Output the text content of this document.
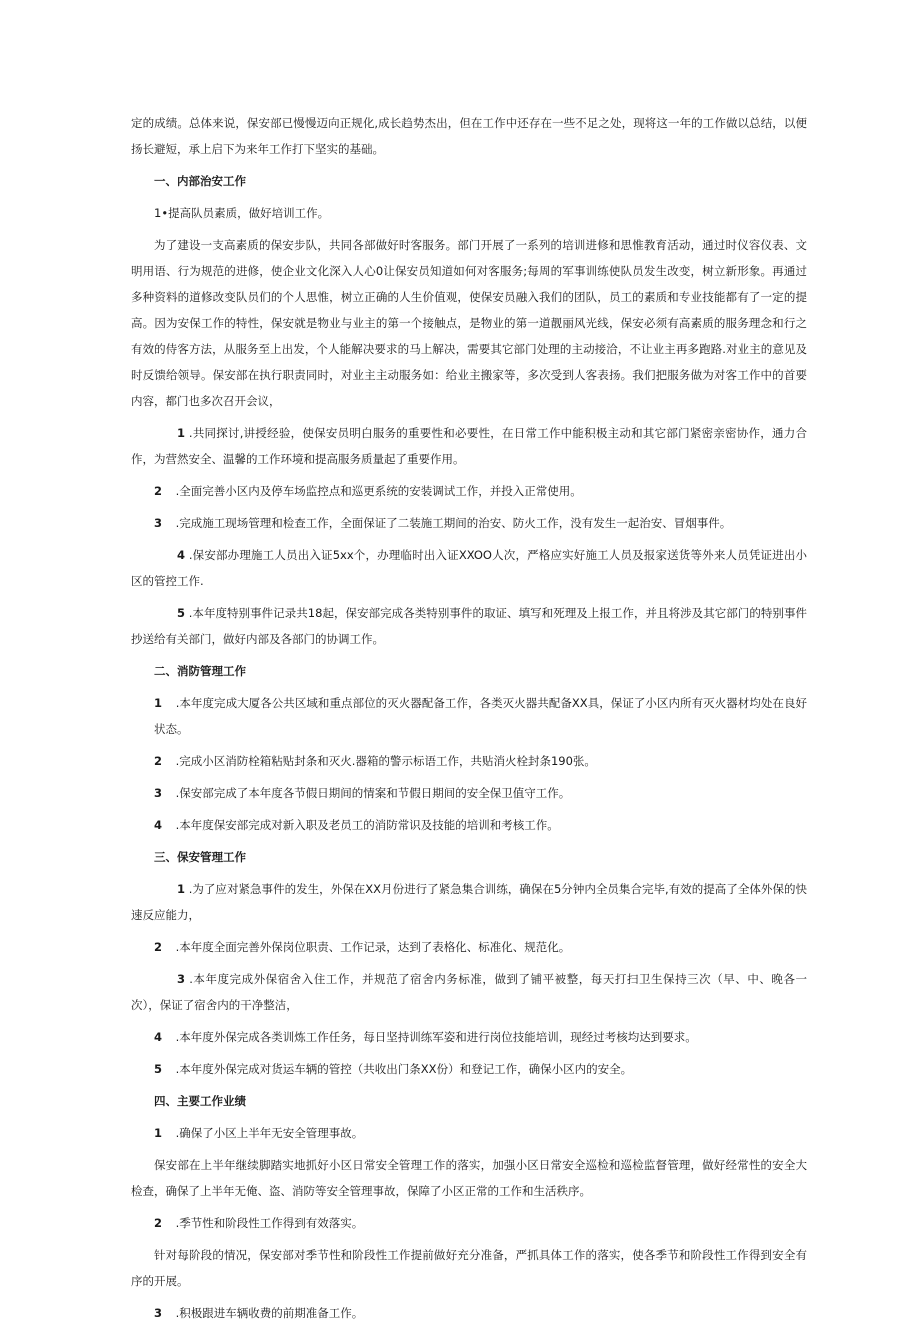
定的成绩。总体来说，保安部已慢慢迈向正规化,成长趋势杰出，但在工作中还存在一些不足之处，现将这一年的工作做以总结，以便扬长避短，承上启下为来年工作打下坚实的基础。

一、内部治安工作

1•提高队员素质，做好培训工作。

为了建设一支高素质的保安步队，共同各部做好时客服务。部门开展了一系列的培训进修和思惟教育活动，通过时仪容仪表、文明用语、行为规范的进修，使企业文化深入人心0让保安员知道如何对客服务;每周的军事训练使队员发生改变，树立新形象。再通过多种资料的道修改变队员们的个人思惟，树立正确的人生价值观，使保安员融入我们的团队，员工的素质和专业技能都有了一定的提高。因为安保工作的特性，保安就是物业与业主的第一个接触点，是物业的第一道靓丽风光线，保安必须有高素质的服务理念和行之有效的侍客方法，从服务至上出发，个人能解决要求的马上解决，需要其它部门处理的主动接洽，不让业主再多跑路.对业主的意见及时反馈给领导。保安部在执行职责同时，对业主主动服务如：给业主搬家等，多次受到人客表扬。我们把服务做为对客工作中的首要内容，都门也多次召开会议，

1 .共同探讨,讲授经验，使保安员明白服务的重要性和必要性，在日常工作中能积极主动和其它部门紧密亲密协作，通力合作，为营然安全、温馨的工作环境和提高服务质量起了重要作用。

2 .全面完善小区内及停车场监控点和巡更系统的安装调试工作，并投入正常使用。

3 .完成施工现场管理和检查工作，全面保证了二装施工期间的治安、防火工作，没有发生一起治安、冒烟事件。

4 .保安部办理施工人员出入证5xx个，办理临时出入证XXOO人次，严格应实好施工人员及报家送货等外来人员凭证进出小区的管控工作.

5 .本年度特别事件记录共18起，保安部完成各类特别事件的取证、填写和死理及上报工作，并且将涉及其它部门的特别事件抄送给有关部门，做好内部及各部门的协调工作。

二、消防管理工作

1 .本年度完成大厦各公共区域和重点部位的灭火器配备工作，各类灭火器共配备XX具，保证了小区内所有灭火器材均处在良好状态。

2 .完成小区消防栓箱粘贴封条和灭火.器箱的警示标语工作，共贴消火栓封条190张。

3 .保安部完成了本年度各节假日期间的情案和节假日期间的安全保卫值守工作。

4 .本年度保安部完成对新入职及老员工的消防常识及技能的培训和考核工作。

三、保安管理工作

1 .为了应对紧急事件的发生，外保在XX月份进行了紧急集合训练，确保在5分钟内全员集合完毕,有效的提高了全体外保的快速反应能力，

2 .本年度全面完善外保岗位职责、工作记录，达到了表格化、标准化、规范化。

3 .本年度完成外保宿舍入住工作，并规范了宿舍内务标准，做到了铺平被整，每天打扫卫生保持三次（早、中、晚各一次），保证了宿舍内的干净整洁，

4 .本年度外保完成各类训炼工作任务，每日坚持训练军姿和进行岗位技能培训，现经过考核均达到要求。

5 .本年度外保完成对货运车辆的管控（共收出门条XX份）和登记工作，确保小区内的安全。

四、主要工作业绩

1 .确保了小区上半年无安全管理事故。

保安部在上半年继续脚踏实地抓好小区日常安全管理工作的落实，加强小区日常安全巡检和巡检监督管理，做好经常性的安全大检查，确保了上半年无俺、盗、消防等安全管理事故，保障了小区正常的工作和生活秩序。

2 .季节性和阶段性工作得到有效落实。

针对每阶段的情况，保安部对季节性和阶段性工作提前做好充分准备，严抓具体工作的落实，使各季节和阶段性工作得到安全有序的开展。

3 .积极跟进车辆收费的前期准备工作。
